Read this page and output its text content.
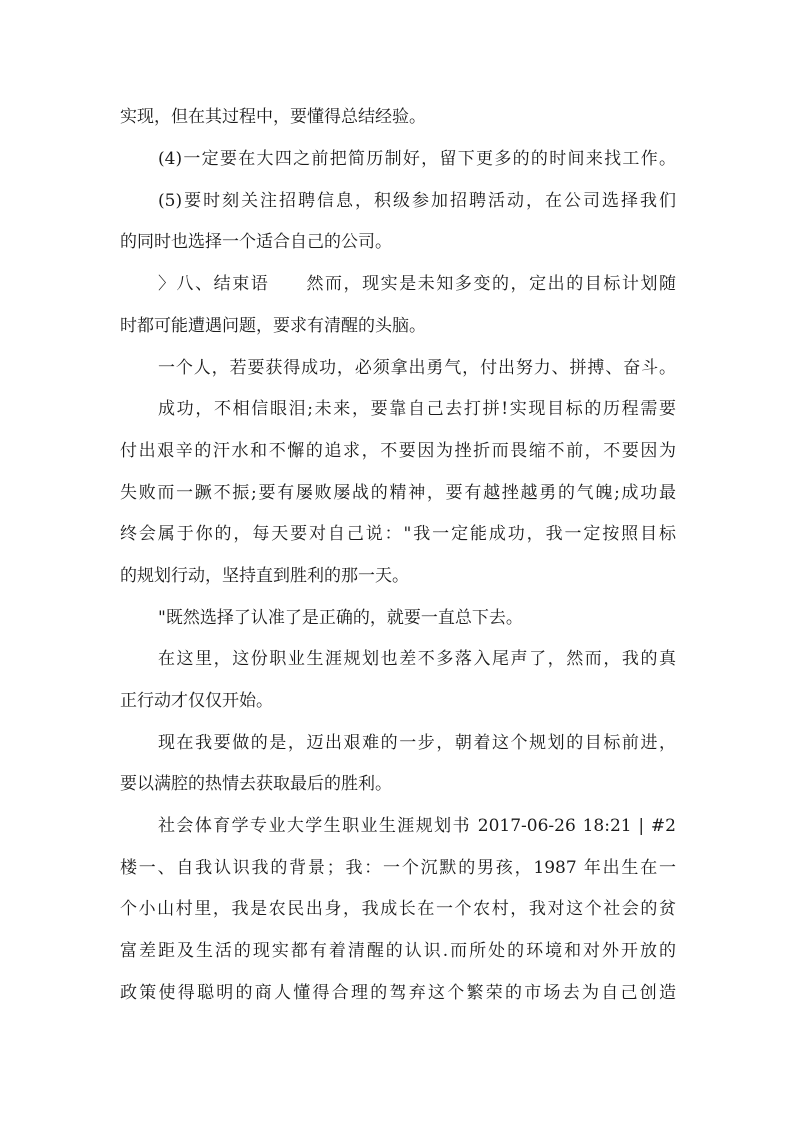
实现，但在其过程中，要懂得总结经验。
(4)一定要在大四之前把简历制好，留下更多的的时间来找工作。
(5)要时刻关注招聘信息，积级参加招聘活动，在公司选择我们
的同时也选择一个适合自己的公司。
〉八、结束语　　然而，现实是未知多变的，定出的目标计划随
时都可能遭遇问题，要求有清醒的头脑。
一个人，若要获得成功，必须拿出勇气，付出努力、拼搏、奋斗。
成功，不相信眼泪;未来，要靠自己去打拼!实现目标的历程需要
付出艰辛的汗水和不懈的追求，不要因为挫折而畏缩不前，不要因为
失败而一蹶不振;要有屡败屡战的精神，要有越挫越勇的气魄;成功最
终会属于你的，每天要对自己说："我一定能成功，我一定按照目标
的规划行动，坚持直到胜利的那一天。
"既然选择了认准了是正确的，就要一直总下去。
在这里，这份职业生涯规划也差不多落入尾声了，然而，我的真
正行动才仅仅开始。
现在我要做的是，迈出艰难的一步，朝着这个规划的目标前进，
要以满腔的热情去获取最后的胜利。
社会体育学专业大学生职业生涯规划书 2017-06-26 18:21 | #2
楼一、自我认识我的背景；我：一个沉默的男孩，1987 年出生在一
个小山村里，我是农民出身，我成长在一个农村，我对这个社会的贫
富差距及生活的现实都有着清醒的认识.而所处的环境和对外开放的
政策使得聪明的商人懂得合理的驾弃这个繁荣的市场去为自己创造
